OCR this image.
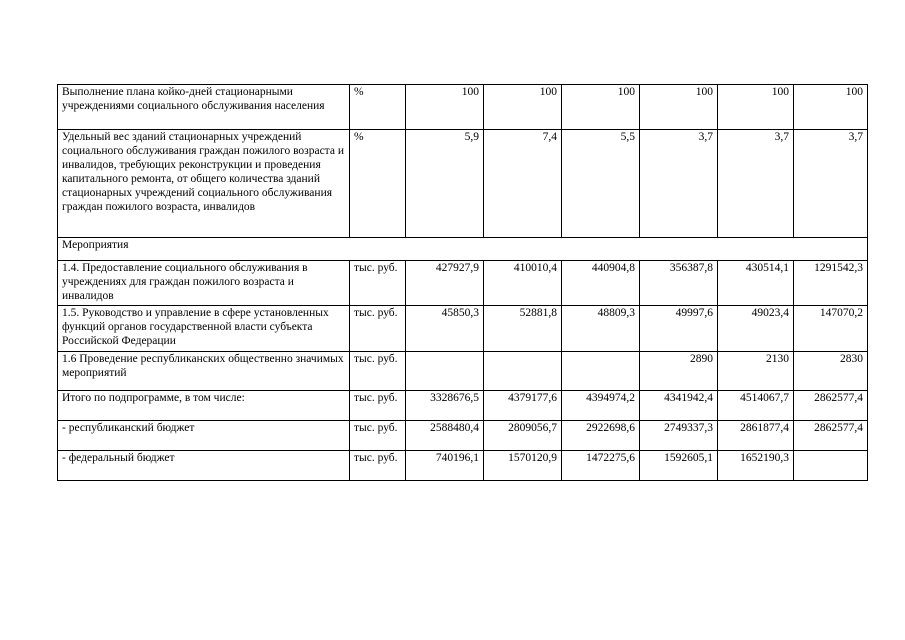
Выполнение плана койко-дней стационарными учреждениями социального обслуживания населения	%	100	100	100	100	100	100
Удельный вес зданий стационарных учреждений социального обслуживания граждан пожилого возраста и инвалидов, требующих реконструкции и проведения капитального ремонта, от общего количества зданий стационарных учреждений социального обслуживания граждан пожилого возраста, инвалидов	%	5,9	7,4	5,5	3,7	3,7	3,7
Мероприятия							
1.4. Предоставление социального обслуживания в учреждениях для граждан пожилого возраста и инвалидов	тыс. руб.	427927,9	410010,4	440904,8	356387,8	430514,1	1291542,3
1.5. Руководство и управление в сфере установленных функций органов государственной власти субъекта Российской Федерации	тыс. руб.	45850,3	52881,8	48809,3	49997,6	49023,4	147070,2
1.6 Проведение республиканских общественно значимых мероприятий	тыс. руб.				2890	2130	2830
Итого по подпрограмме, в том числе:	тыс. руб.	3328676,5	4379177,6	4394974,2	4341942,4	4514067,7	2862577,4
- республиканский бюджет	тыс. руб.	2588480,4	2809056,7	2922698,6	2749337,3	2861877,4	2862577,4
- федеральный бюджет	тыс. руб.	740196,1	1570120,9	1472275,6	1592605,1	1652190,3	
